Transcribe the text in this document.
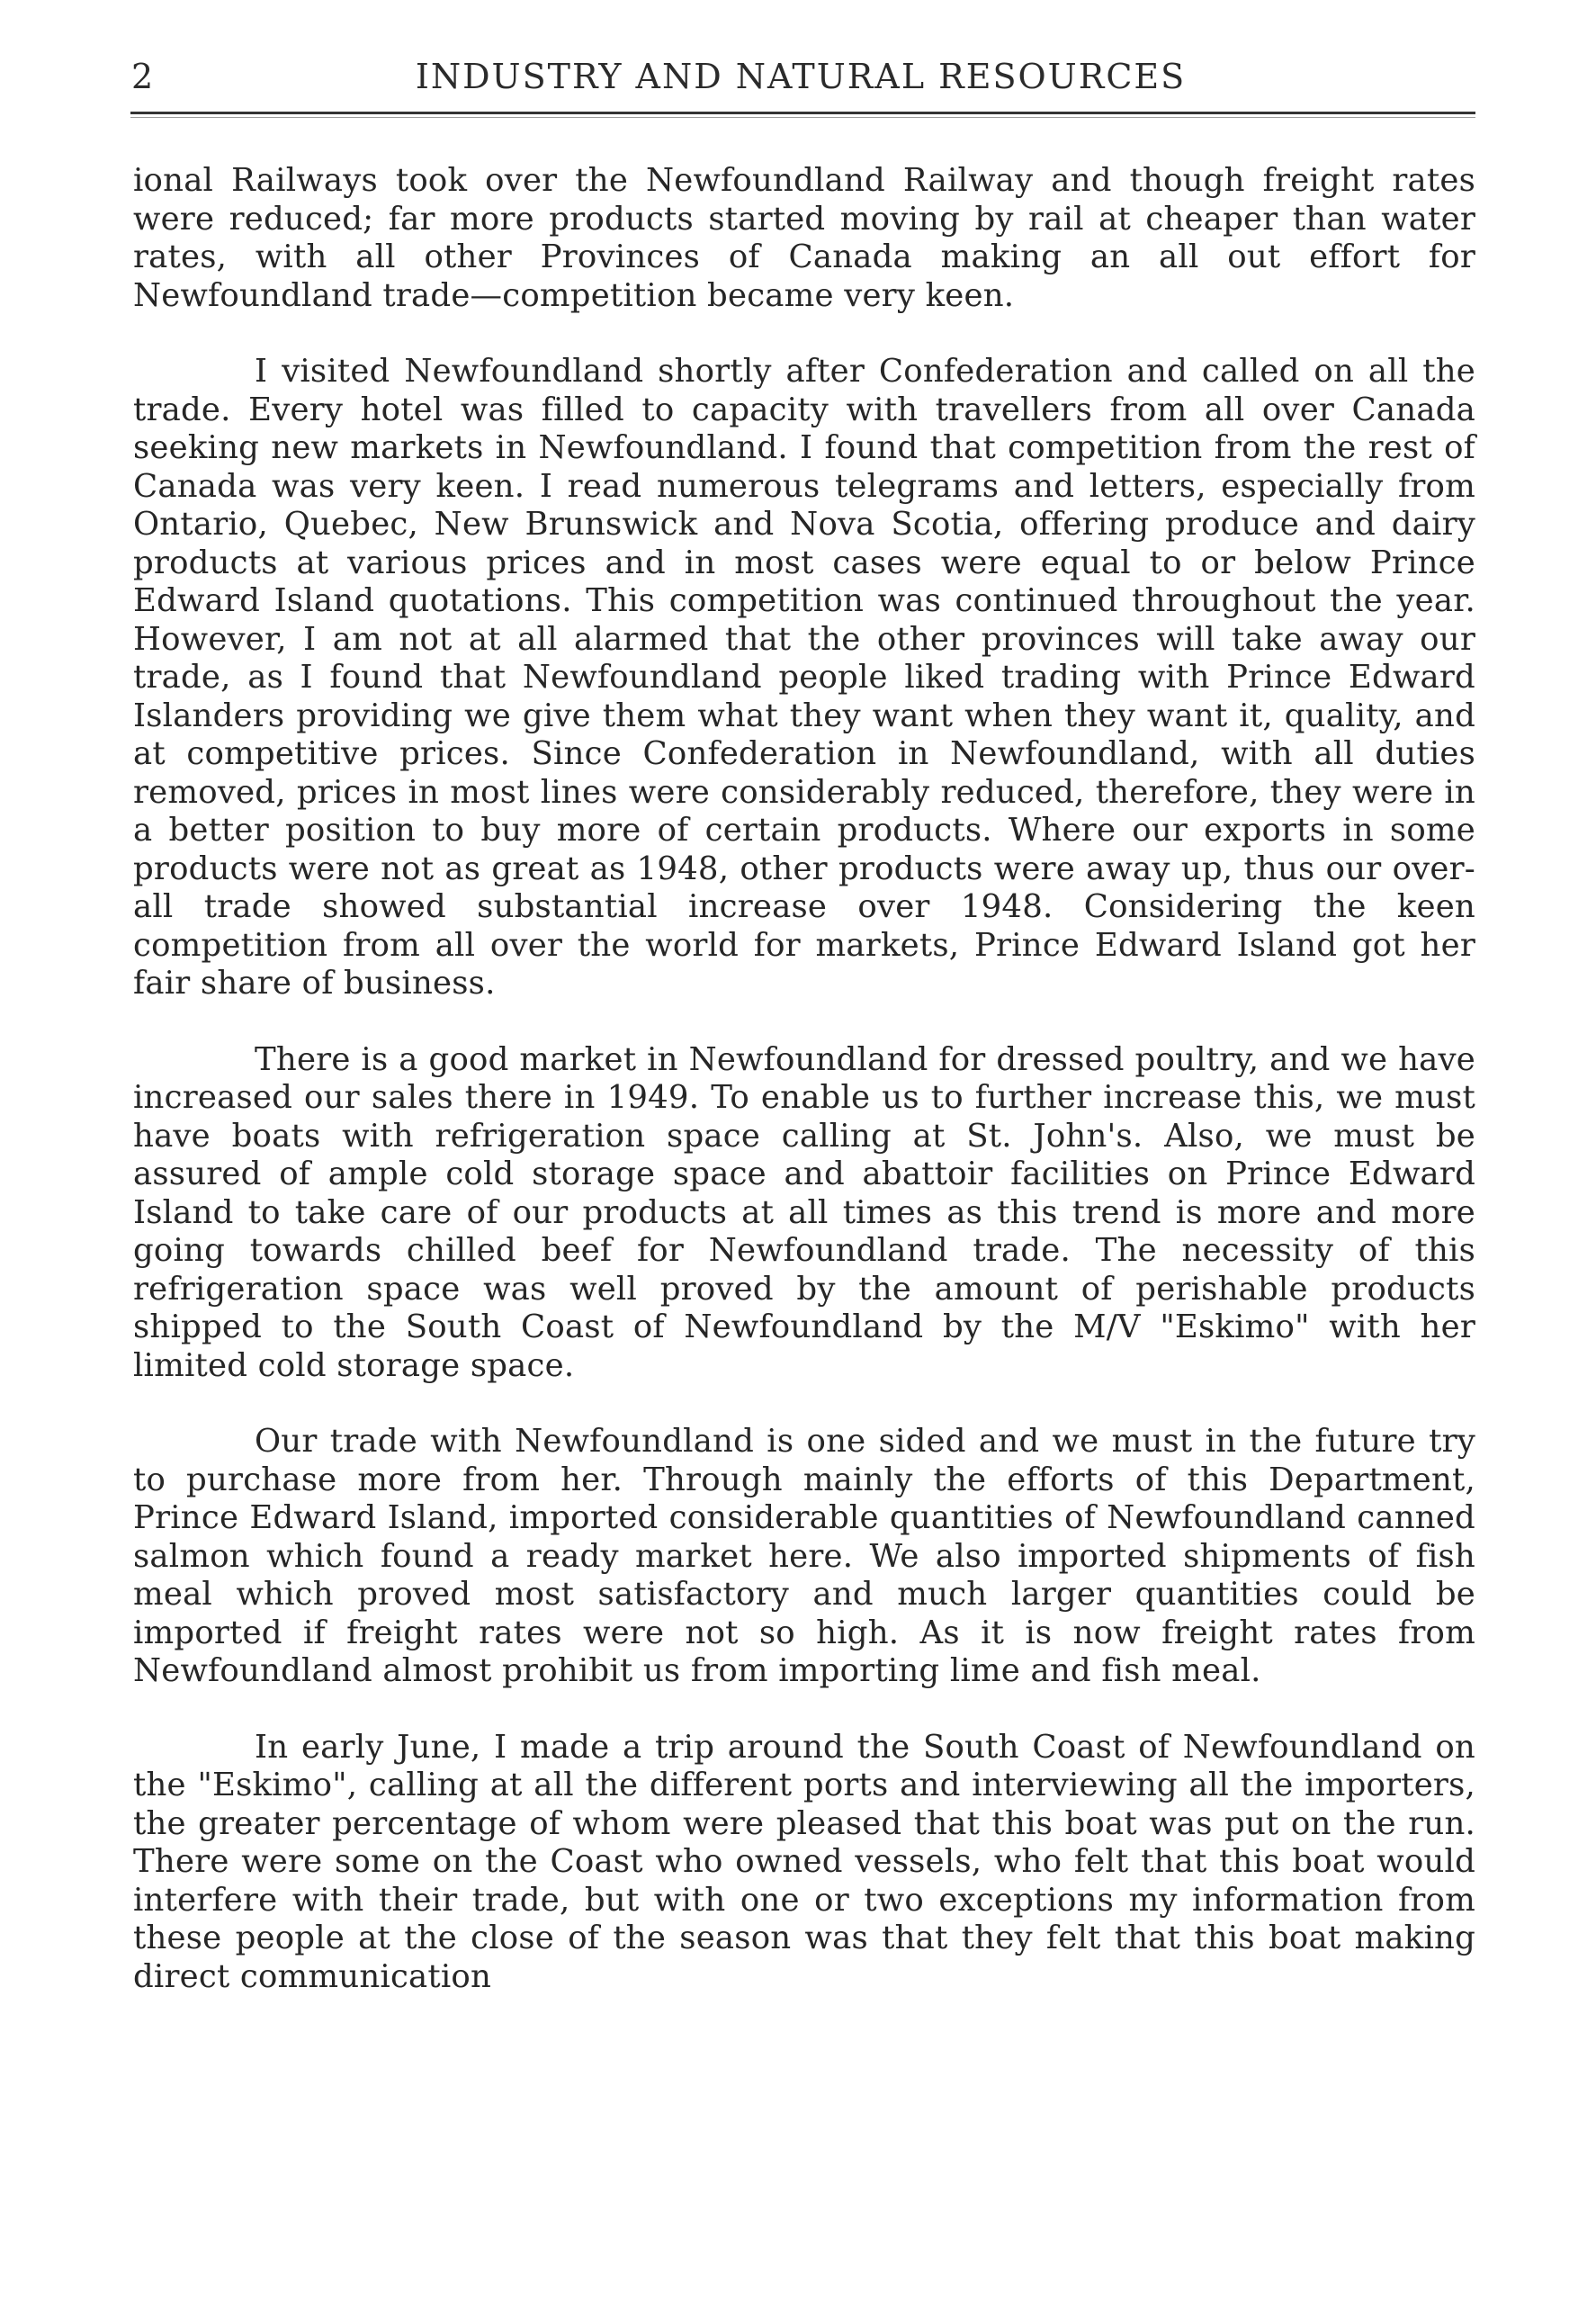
INDUSTRY AND NATURAL RESOURCES
2

ional Railways took over the Newfoundland Railway and though freight rates were reduced; far more products started moving by rail at cheaper than water rates, with all other Provinces of Canada making an all out effort for Newfoundland trade—competition became very keen.

I visited Newfoundland shortly after Confederation and called on all the trade. Every hotel was filled to capacity with travellers from all over Canada seeking new markets in Newfoundland. I found that competition from the rest of Canada was very keen. I read numerous telegrams and letters, especially from Ontario, Quebec, New Brunswick and Nova Scotia, offering produce and dairy products at various prices and in most cases were equal to or below Prince Edward Island quotations. This competition was continued throughout the year. However, I am not at all alarmed that the other provinces will take away our trade, as I found that Newfoundland people liked trading with Prince Edward Islanders providing we give them what they want when they want it, quality, and at competitive prices. Since Confederation in Newfoundland, with all duties removed, prices in most lines were considerably reduced, therefore, they were in a better position to buy more of certain products. Where our exports in some products were not as great as 1948, other products were away up, thus our over-all trade showed substantial increase over 1948. Considering the keen competition from all over the world for markets, Prince Edward Island got her fair share of business.

There is a good market in Newfoundland for dressed poultry, and we have increased our sales there in 1949. To enable us to further increase this, we must have boats with refrigeration space calling at St. John's. Also, we must be assured of ample cold storage space and abattoir facilities on Prince Edward Island to take care of our products at all times as this trend is more and more going towards chilled beef for Newfoundland trade. The necessity of this refrigeration space was well proved by the amount of perishable products shipped to the South Coast of Newfoundland by the M/V "Eskimo" with her limited cold storage space.

Our trade with Newfoundland is one sided and we must in the future try to purchase more from her. Through mainly the efforts of this Department, Prince Edward Island, imported considerable quantities of Newfoundland canned salmon which found a ready market here. We also imported shipments of fish meal which proved most satisfactory and much larger quantities could be imported if freight rates were not so high. As it is now freight rates from Newfoundland almost prohibit us from importing lime and fish meal.

In early June, I made a trip around the South Coast of Newfoundland on the "Eskimo", calling at all the different ports and interviewing all the importers, the greater percentage of whom were pleased that this boat was put on the run. There were some on the Coast who owned vessels, who felt that this boat would interfere with their trade, but with one or two exceptions my information from these people at the close of the season was that they felt that this boat making direct communication
